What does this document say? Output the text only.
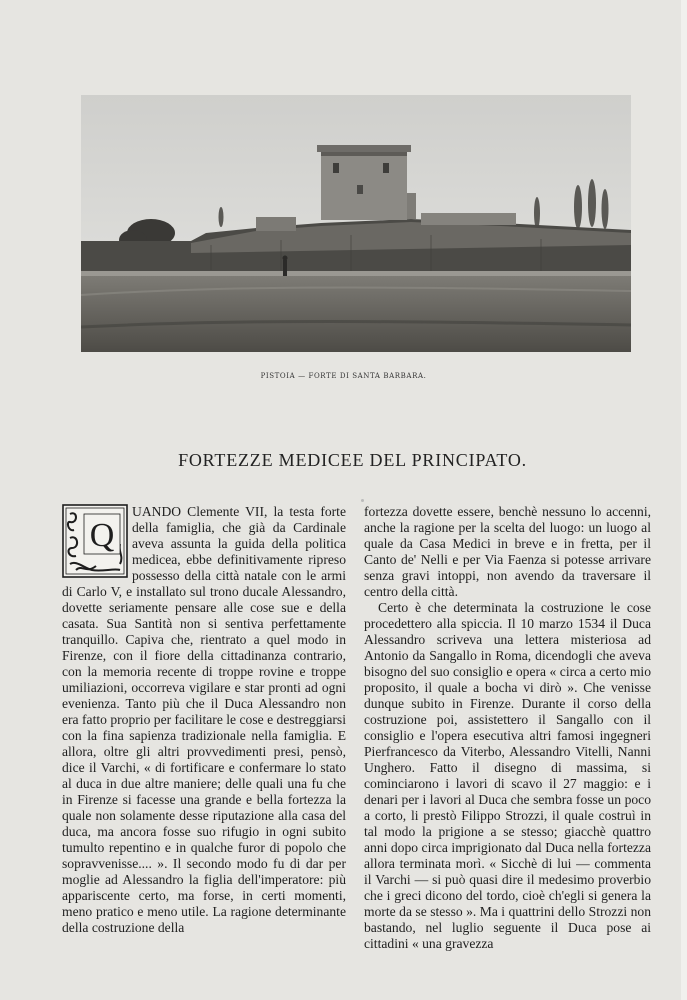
PISTOIA — FORTE DI SANTA BARBARA.
FORTEZZE MEDICEE DEL PRINCIPATO.
Q

UANDO Clemente VII, la testa forte della famiglia, che già da Cardinale aveva assunta la guida della politica medicea, ebbe definitivamente ripreso possesso della città natale con le armi di Carlo V, e installato sul trono ducale Alessandro, dovette seriamente pensare alle cose sue e della casata. Sua Santità non si sentiva perfettamente tranquillo. Capiva che, rientrato a quel modo in Firenze, con il fiore della cittadinanza contrario, con la memoria recente di troppe rovine e troppe umiliazioni, occorreva vigilare e star pronti ad ogni evenienza. Tanto più che il Duca Alessandro non era fatto proprio per facilitare le cose e destreggiarsi con la fina sapienza tradizionale nella famiglia. E allora, oltre gli altri provvedimenti presi, pensò, dice il Varchi, « di fortificare e confermare lo stato al duca in due altre maniere; delle quali una fu che in Firenze si facesse una grande e bella fortezza la quale non solamente desse riputazione alla casa del duca, ma ancora fosse suo rifugio in ogni subito tumulto repentino e in qualche furor di popolo che sopravvenisse.... ». Il secondo modo fu di dar per moglie ad Alessandro la figlia dell'imperatore: più appariscente certo, ma forse, in certi momenti, meno pratico e meno utile. La ragione determinante della costruzione della

fortezza dovette essere, benchè nessuno lo accenni, anche la ragione per la scelta del luogo: un luogo al quale da Casa Medici in breve e in fretta, per il Canto de' Nelli e per Via Faenza si potesse arrivare senza gravi intoppi, non avendo da traversare il centro della città.

Certo è che determinata la costruzione le cose procedettero alla spiccia. Il 10 marzo 1534 il Duca Alessandro scriveva una lettera misteriosa ad Antonio da Sangallo in Roma, dicendogli che aveva bisogno del suo consiglio e opera « circa a certo mio proposito, il quale a bocha vi dirò ». Che venisse dunque subito in Firenze. Durante il corso della costruzione poi, assistettero il Sangallo con il consiglio e l'opera esecutiva altri famosi ingegneri Pierfrancesco da Viterbo, Alessandro Vitelli, Nanni Unghero. Fatto il disegno di massima, si cominciarono i lavori di scavo il 27 maggio: e i denari per i lavori al Duca che sembra fosse un poco a corto, li prestò Filippo Strozzi, il quale costruì in tal modo la prigione a se stesso; giacchè quattro anni dopo circa imprigionato dal Duca nella fortezza allora terminata morì. « Sicchè di lui — commenta il Varchi — si può quasi dire il medesimo proverbio che i greci dicono del tordo, cioè ch'egli si genera la morte da se stesso ». Ma i quattrini dello Strozzi non bastando, nel luglio seguente il Duca pose ai cittadini « una gravezza
